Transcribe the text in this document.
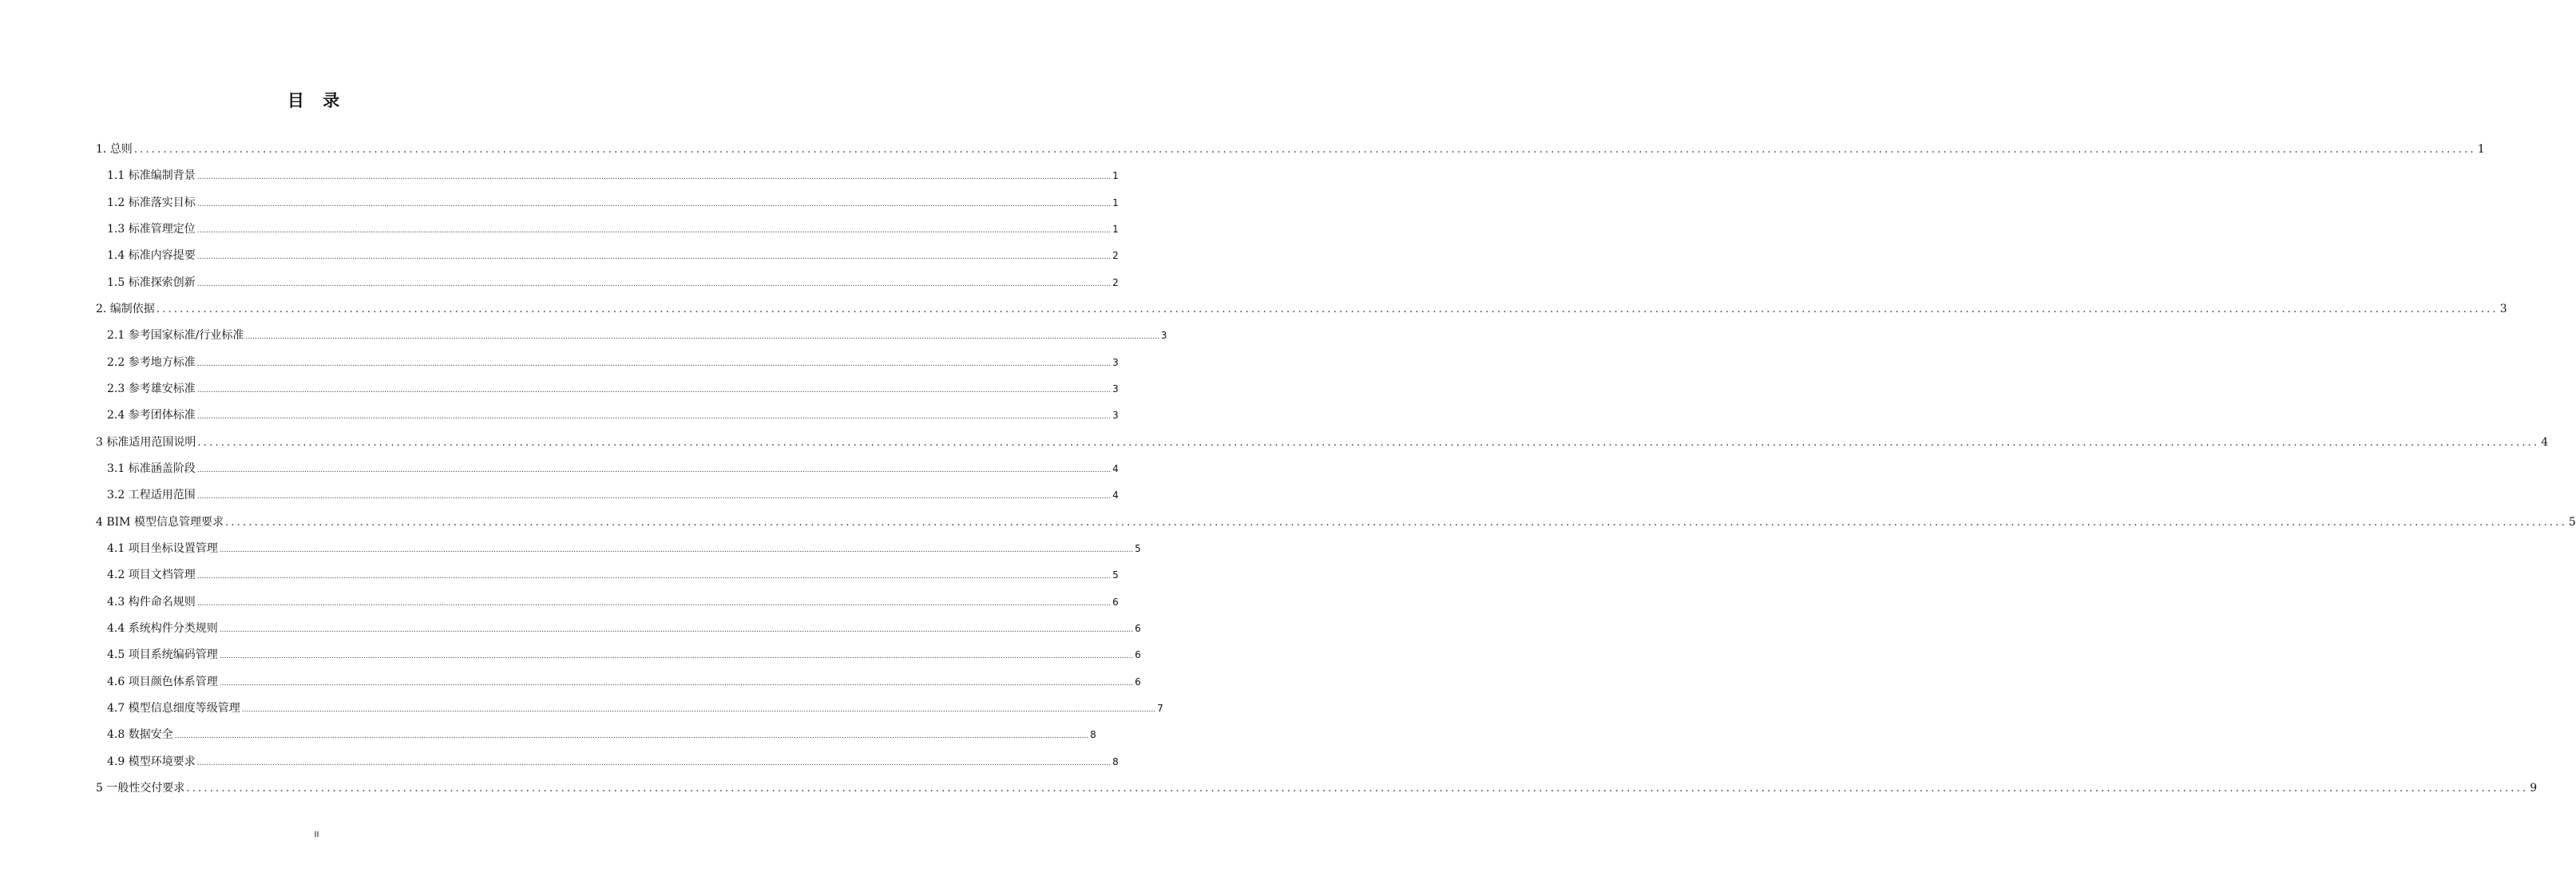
目 录
1. 总则 ................................................................................................................................................................................................................................................................................................................................................................................................................ 1
1.1 标准编制背景 ................................................................................................................................................................................................................................................................................................................................................................................................................ 1
1.2 标准落实目标 ................................................................................................................................................................................................................................................................................................................................................................................................................ 1
1.3 标准管理定位 ................................................................................................................................................................................................................................................................................................................................................................................................................ 1
1.4 标准内容提要 ................................................................................................................................................................................................................................................................................................................................................................................................................ 2
1.5 标准探索创新 ................................................................................................................................................................................................................................................................................................................................................................................................................ 2
2. 编制依据 ................................................................................................................................................................................................................................................................................................................................................................................................................ 3
2.1 参考国家标准/行业标准 ................................................................................................................................................................................................................................................................................................................................................................................................................ 3
2.2 参考地方标准 ................................................................................................................................................................................................................................................................................................................................................................................................................ 3
2.3 参考雄安标准 ................................................................................................................................................................................................................................................................................................................................................................................................................ 3
2.4 参考团体标准 ................................................................................................................................................................................................................................................................................................................................................................................................................ 3
3 标准适用范围说明 ................................................................................................................................................................................................................................................................................................................................................................................................................ 4
3.1 标准涵盖阶段 ................................................................................................................................................................................................................................................................................................................................................................................................................ 4
3.2 工程适用范围 ................................................................................................................................................................................................................................................................................................................................................................................................................ 4
4 BIM 模型信息管理要求 ................................................................................................................................................................................................................................................................................................................................................................................................................ 5
4.1 项目坐标设置管理 ................................................................................................................................................................................................................................................................................................................................................................................................................ 5
4.2 项目文档管理 ................................................................................................................................................................................................................................................................................................................................................................................................................ 5
4.3 构件命名规则 ................................................................................................................................................................................................................................................................................................................................................................................................................ 6
4.4 系统构件分类规则 ................................................................................................................................................................................................................................................................................................................................................................................................................ 6
4.5 项目系统编码管理 ................................................................................................................................................................................................................................................................................................................................................................................................................ 6
4.6 项目颜色体系管理 ................................................................................................................................................................................................................................................................................................................................................................................................................ 6
4.7 模型信息细度等级管理 ................................................................................................................................................................................................................................................................................................................................................................................................................ 7
4.8 数据安全 ................................................................................................................................................................................................................................................................................................................................................................................................................ 8
4.9 模型环境要求 ................................................................................................................................................................................................................................................................................................................................................................................................................ 8
5 一般性交付要求 ................................................................................................................................................................................................................................................................................................................................................................................................................ 9
II
